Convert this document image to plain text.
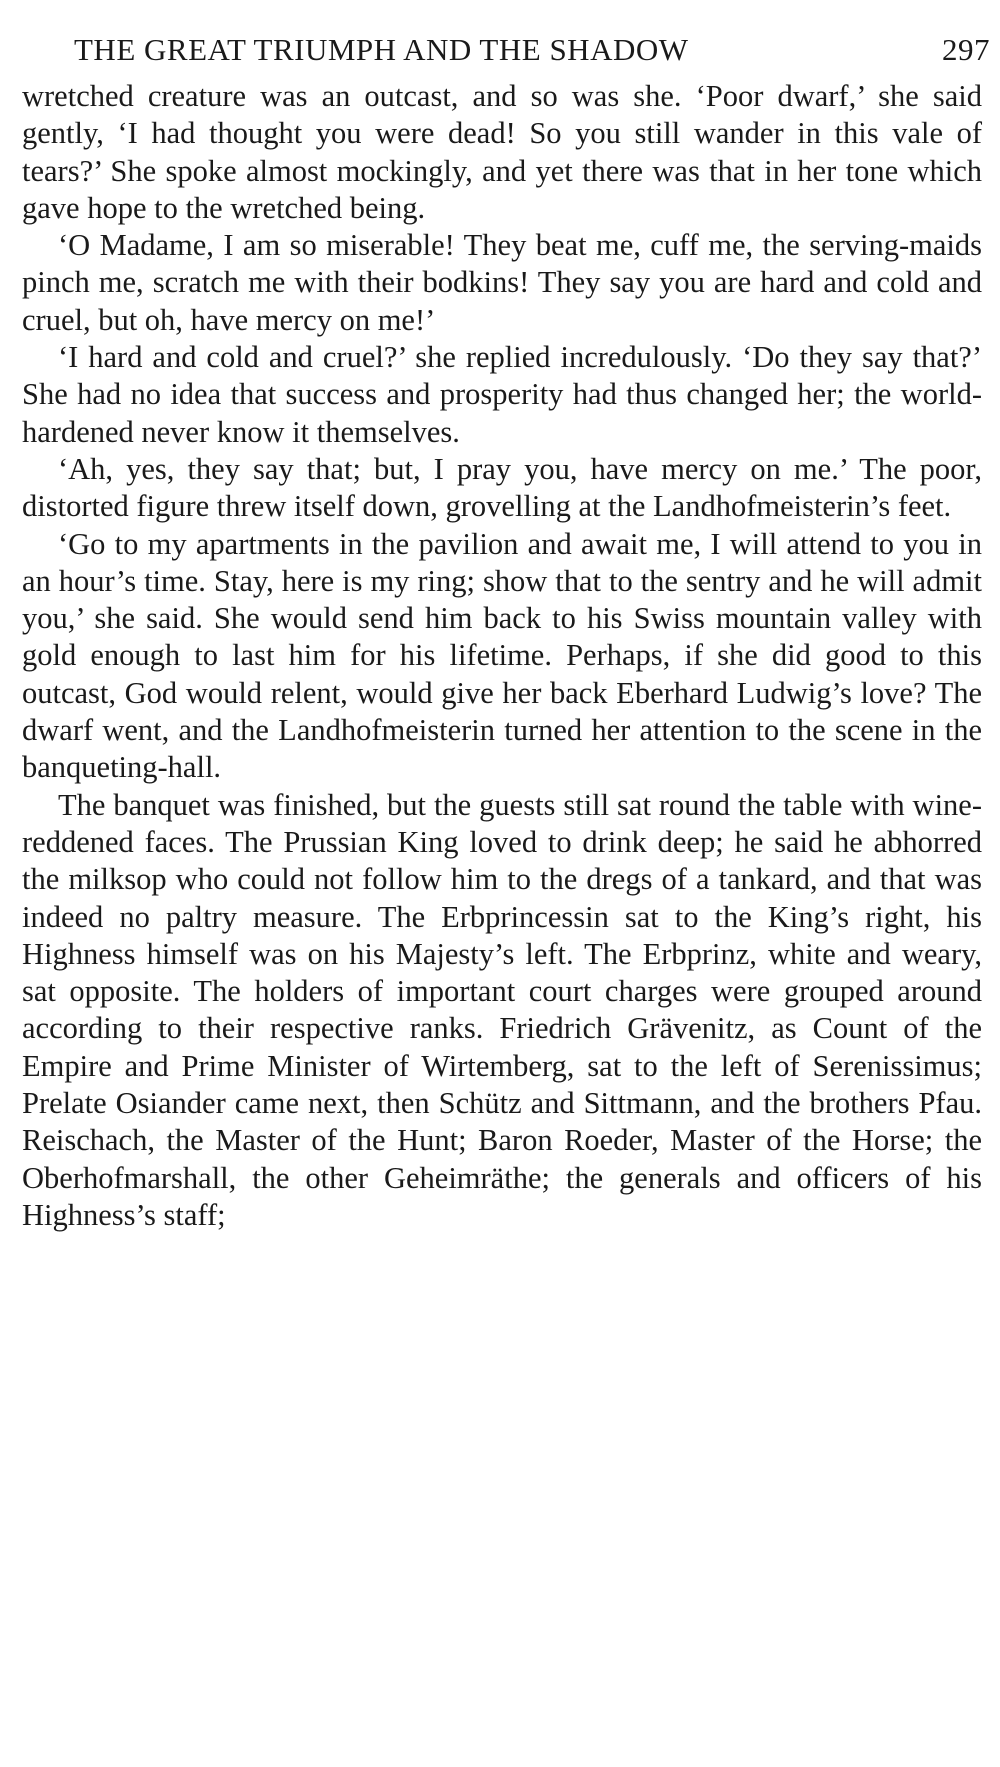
THE GREAT TRIUMPH AND THE SHADOW	297

wretched creature was an outcast, and so was she. ‘Poor dwarf,’ she said gently, ‘I had thought you were dead! So you still wander in this vale of tears?’ She spoke almost mockingly, and yet there was that in her tone which gave hope to the wretched being.

‘O Madame, I am so miserable! They beat me, cuff me, the serving-maids pinch me, scratch me with their bodkins! They say you are hard and cold and cruel, but oh, have mercy on me!’

‘I hard and cold and cruel?’ she replied incredulously. ‘Do they say that?’ She had no idea that success and prosperity had thus changed her; the world-hardened never know it themselves.

‘Ah, yes, they say that; but, I pray you, have mercy on me.’ The poor, distorted figure threw itself down, grovelling at the Landhofmeisterin’s feet.

‘Go to my apartments in the pavilion and await me, I will attend to you in an hour’s time. Stay, here is my ring; show that to the sentry and he will admit you,’ she said. She would send him back to his Swiss mountain valley with gold enough to last him for his lifetime. Perhaps, if she did good to this outcast, God would relent, would give her back Eberhard Ludwig’s love? The dwarf went, and the Landhofmeisterin turned her attention to the scene in the banqueting-hall.

The banquet was finished, but the guests still sat round the table with wine-reddened faces. The Prussian King loved to drink deep; he said he abhorred the milksop who could not follow him to the dregs of a tankard, and that was indeed no paltry measure. The Erbprincessin sat to the King’s right, his Highness himself was on his Majesty’s left. The Erbprinz, white and weary, sat opposite. The holders of important court charges were grouped around according to their respective ranks. Friedrich Grävenitz, as Count of the Empire and Prime Minister of Wirtemberg, sat to the left of Serenissimus; Prelate Osiander came next, then Schütz and Sittmann, and the brothers Pfau. Reischach, the Master of the Hunt; Baron Roeder, Master of the Horse; the Oberhofmarshall, the other Geheimräthe; the generals and officers of his Highness’s staff;
